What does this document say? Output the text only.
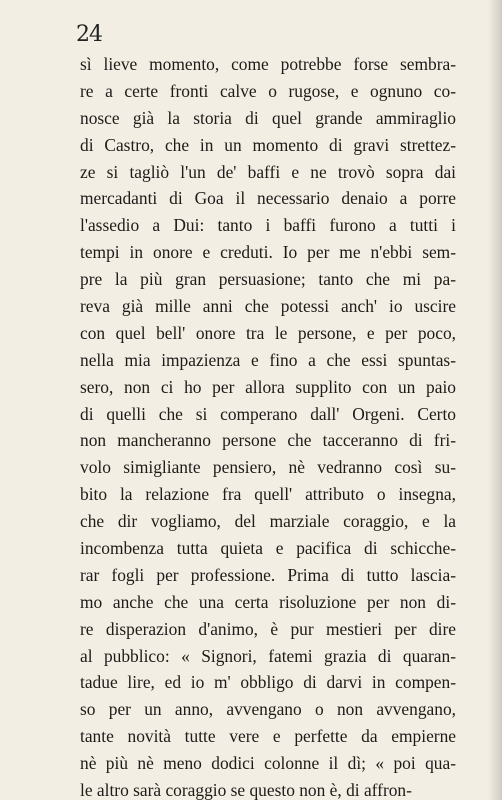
24
sì lieve momento, come potrebbe forse sembra-
re a certe fronti calve o rugose, e ognuno co-
nosce già la storia di quel grande ammiraglio
di Castro, che in un momento di gravi strettez-
ze si tagliò l'un de' baffi e ne trovò sopra dai
mercadanti di Goa il necessario denaio a porre
l'assedio a Dui: tanto i baffi furono a tutti i
tempi in onore e creduti. Io per me n'ebbi sem-
pre la più gran persuasione; tanto che mi pa-
reva già mille anni che potessi anch' io uscire
con quel bell' onore tra le persone, e per poco,
nella mia impazienza e fino a che essi spuntas-
sero, non ci ho per allora supplito con un paio
di quelli che si comperano dall' Orgeni. Certo
non mancheranno persone che tacceranno di fri-
volo simigliante pensiero, nè vedranno così su-
bito la relazione fra quell' attributo o insegna,
che dir vogliamo, del marziale coraggio, e la
incombenza tutta quieta e pacifica di schicche-
rar fogli per professione. Prima di tutto lascia-
mo anche che una certa risoluzione per non di-
re disperazion d'animo, è pur mestieri per dire
al pubblico: « Signori, fatemi grazia di quaran-
tadue lire, ed io m' obbligo di darvi in compen-
so per un anno, avvengano o non avvengano,
tante novità tutte vere e perfette da empierne
nè più nè meno dodici colonne il dì; « poi qua-
le altro sarà coraggio se questo non è, di affron-
